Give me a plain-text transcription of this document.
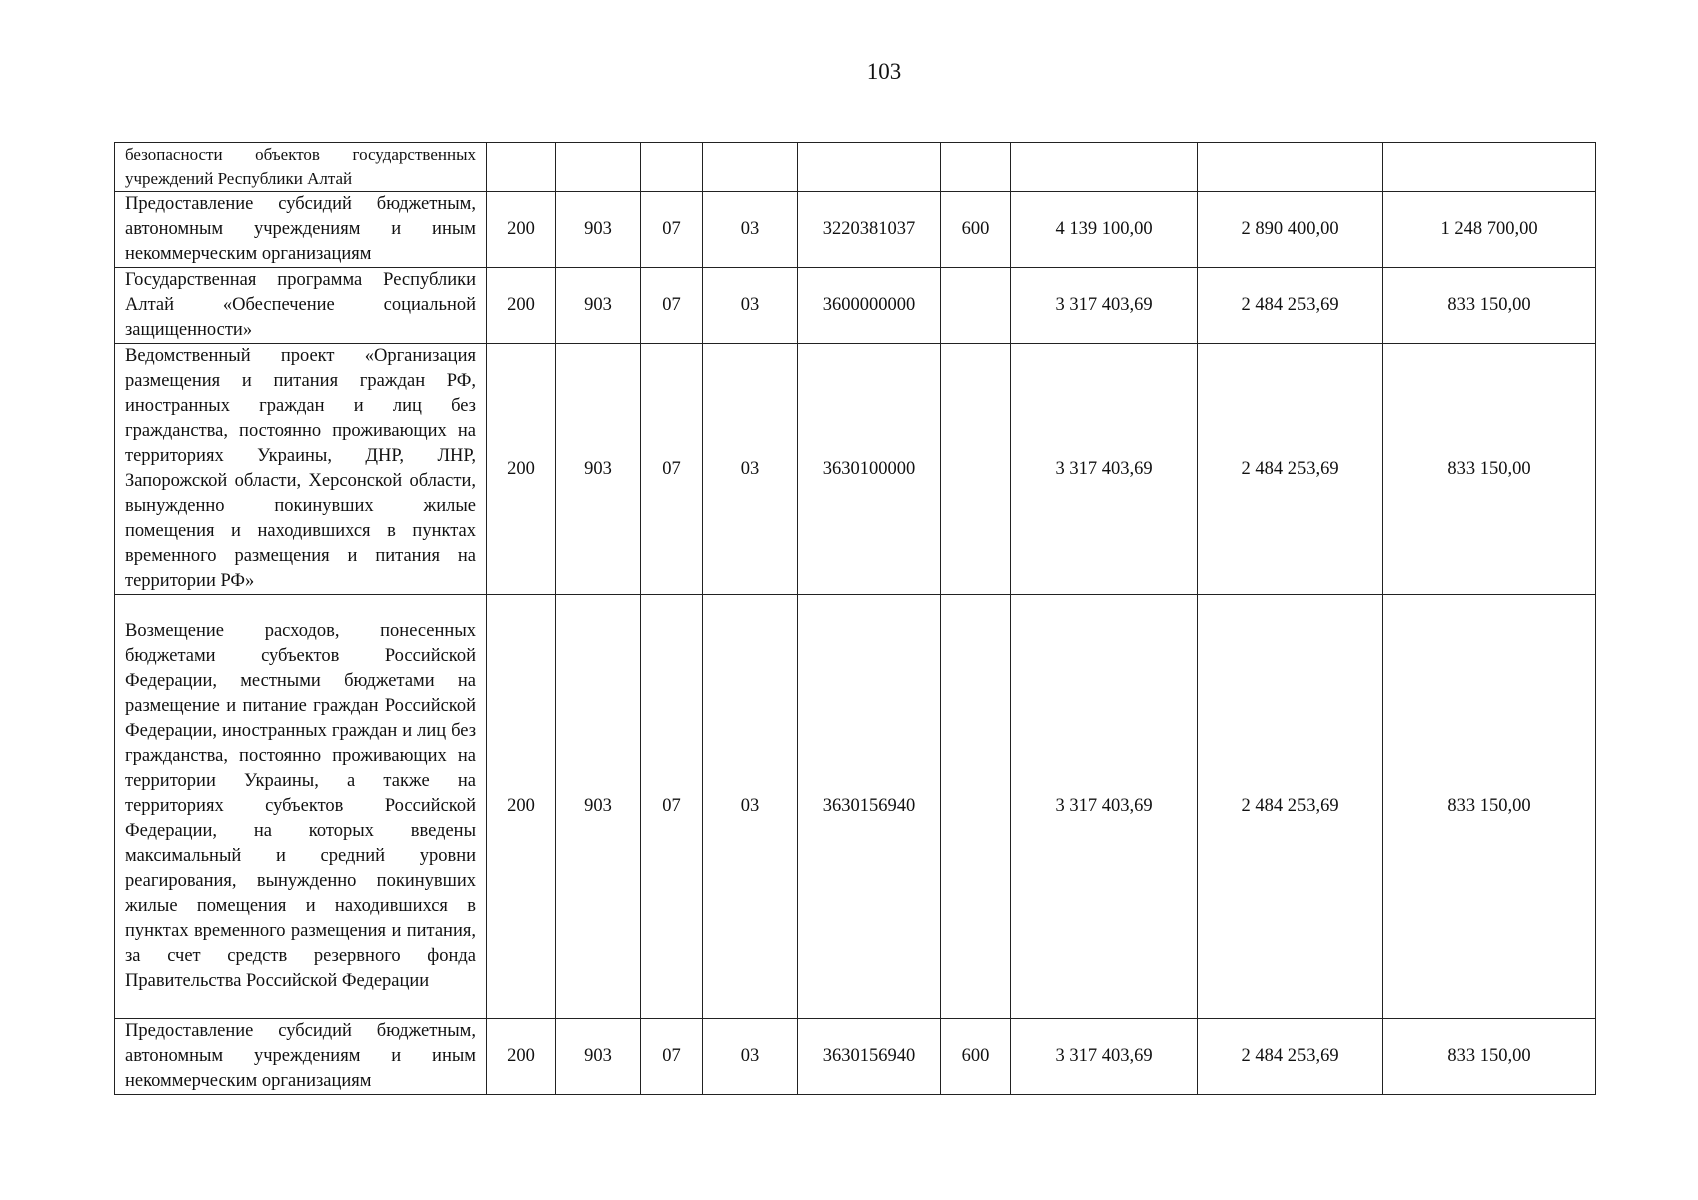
103
безопасности объектов государственных учреждений Республики Алтай									
Предоставление субсидий бюджетным, автономным учреждениям и иным некоммерческим организациям	200	903	07	03	3220381037	600	4 139 100,00	2 890 400,00	1 248 700,00
Государственная программа Республики Алтай «Обеспечение социальной защищенности»	200	903	07	03	3600000000		3 317 403,69	2 484 253,69	833 150,00
Ведомственный проект «Организация размещения и питания граждан РФ, иностранных граждан и лиц без гражданства, постоянно проживающих на территориях Украины, ДНР, ЛНР, Запорожской области, Херсонской области, вынужденно покинувших жилые помещения и находившихся в пунктах временного размещения и питания на территории РФ»	200	903	07	03	3630100000		3 317 403,69	2 484 253,69	833 150,00
Возмещение расходов, понесенных бюджетами субъектов Российской Федерации, местными бюджетами на размещение и питание граждан Российской Федерации, иностранных граждан и лиц без гражданства, постоянно проживающих на территории Украины, а также на территориях субъектов Российской Федерации, на которых введены максимальный и средний уровни реагирования, вынужденно покинувших жилые помещения и находившихся в пунктах временного размещения и питания, за счет средств резервного фонда Правительства Российской Федерации	200	903	07	03	3630156940		3 317 403,69	2 484 253,69	833 150,00
Предоставление субсидий бюджетным, автономным учреждениям и иным некоммерческим организациям	200	903	07	03	3630156940	600	3 317 403,69	2 484 253,69	833 150,00
